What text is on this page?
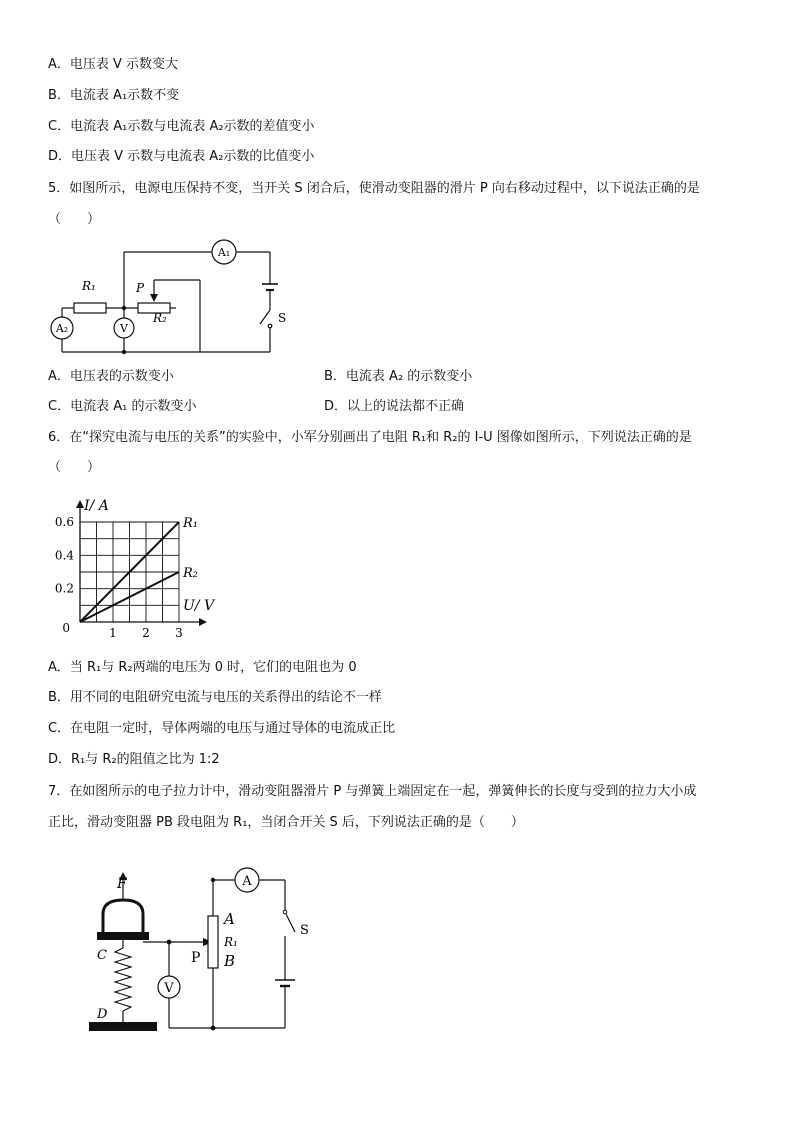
A．电压表 V 示数变大
B．电流表 A₁示数不变
C．电流表 A₁示数与电流表 A₂示数的差值变小
D．电压表 V 示数与电流表 A₂示数的比值变小
5．如图所示，电源电压保持不变，当开关 S 闭合后，使滑动变阻器的滑片 P 向右移动过程中，以下说法正确的是
（　　）
A₁
A₂	V
R₁
R₂
P
S
A．电压表的示数变小	B．电流表 A₂ 的示数变小
C．电流表 A₁ 的示数变小	D．以上的说法都不正确
6．在“探究电流与电压的关系”的实验中，小军分别画出了电阻 R₁和 R₂的 I-U 图像如图所示，下列说法正确的是
（　　）
1 2 3
0.2
0.4
0.6
0
I/ A
U/ V
R₁
R₂
A．当 R₁与 R₂两端的电压为 0 时，它们的电阻也为 0
B．用不同的电阻研究电流与电压的关系得出的结论不一样
C．在电阻一定时，导体两端的电压与通过导体的电流成正比
D．R₁与 R₂的阻值之比为 1:2
7．在如图所示的电子拉力计中，滑动变阻器滑片 P 与弹簧上端固定在一起，弹簧伸长的长度与受到的拉力大小成
正比，滑动变阻器 PB 段电阻为 R₁，当闭合开关 S 后，下列说法正确的是（　　）
F
C
D
P
A
R₁
B
A
V
S
